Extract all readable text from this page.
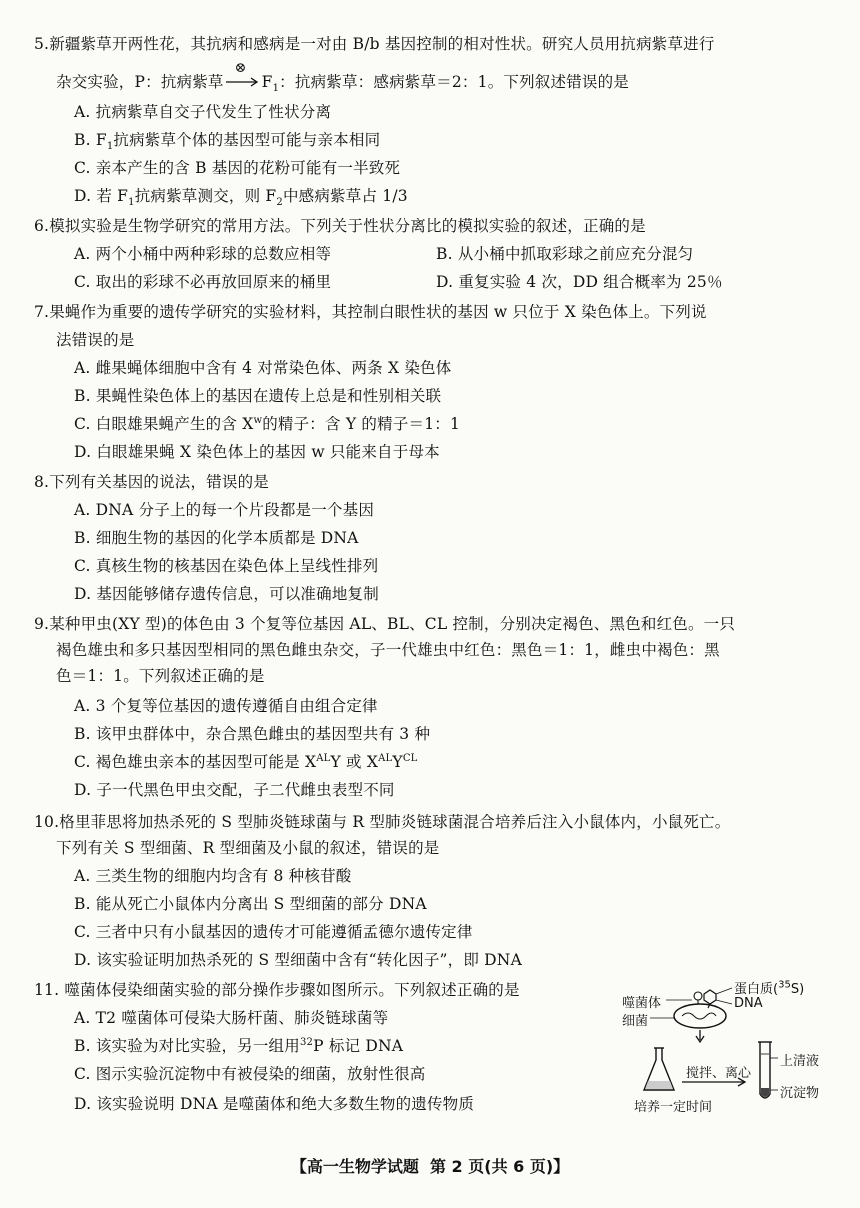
5.新疆紫草开两性花，其抗病和感病是一对由 B/b 基因控制的相对性状。研究人员用抗病紫草进行
杂交实验，P：抗病紫草
⊗
$F_1$：抗病紫草：感病紫草＝2：1。下列叙述错误的是
A. 抗病紫草自交子代发生了性状分离
B. $F_1$抗病紫草个体的基因型可能与亲本相同
C. 亲本产生的含 B 基因的花粉可能有一半致死
D. 若 $F_1$抗病紫草测交，则 $F_2$中感病紫草占 1/3
6.模拟实验是生物学研究的常用方法。下列关于性状分离比的模拟实验的叙述，正确的是
A. 两个小桶中两种彩球的总数应相等	B. 从小桶中抓取彩球之前应充分混匀
C. 取出的彩球不必再放回原来的桶里	D. 重复实验 4 次，DD 组合概率为 25％
7.果蝇作为重要的遗传学研究的实验材料，其控制白眼性状的基因 w 只位于 X 染色体上。下列说
法错误的是
A. 雌果蝇体细胞中含有 4 对常染色体、两条 X 染色体
B. 果蝇性染色体上的基因在遗传上总是和性别相关联
C. 白眼雄果蝇产生的含 $X^w$的精子：含 Y 的精子＝1：1
D. 白眼雄果蝇 X 染色体上的基因 w 只能来自于母本
8.下列有关基因的说法，错误的是
A. DNA 分子上的每一个片段都是一个基因
B. 细胞生物的基因的化学本质都是 DNA
C. 真核生物的核基因在染色体上呈线性排列
D. 基因能够储存遗传信息，可以准确地复制
9.某种甲虫(XY 型)的体色由 3 个复等位基因 AL、BL、CL 控制，分别决定褐色、黑色和红色。一只
褐色雄虫和多只基因型相同的黑色雌虫杂交，子一代雄虫中红色：黑色＝1：1，雌虫中褐色：黑
色＝1：1。下列叙述正确的是
A. 3 个复等位基因的遗传遵循自由组合定律
B. 该甲虫群体中，杂合黑色雌虫的基因型共有 3 种
C. 褐色雄虫亲本的基因型可能是 $X^{AL}Y$ 或 $X^{AL}Y^{CL}$
D. 子一代黑色甲虫交配，子二代雌虫表型不同
10.格里菲思将加热杀死的 S 型肺炎链球菌与 R 型肺炎链球菌混合培养后注入小鼠体内，小鼠死亡。
下列有关 S 型细菌、R 型细菌及小鼠的叙述，错误的是
A. 三类生物的细胞内均含有 8 种核苷酸
B. 能从死亡小鼠体内分离出 S 型细菌的部分 DNA
C. 三者中只有小鼠基因的遗传才可能遵循孟德尔遗传定律
D. 该实验证明加热杀死的 S 型细菌中含有“转化因子”，即 DNA
11. 噬菌体侵染细菌实验的部分操作步骤如图所示。下列叙述正确的是
A. T2 噬菌体可侵染大肠杆菌、肺炎链球菌等
B. 该实验为对比实验，另一组用$^{32}$P 标记 DNA
C. 图示实验沉淀物中有被侵染的细菌，放射性很高
D. 该实验说明 DNA 是噬菌体和绝大多数生物的遗传物质
噬菌体
细菌
蛋白质($^{35}$S)
DNA
搅拌、离心
培养一定时间
上清液
沉淀物
【高一生物学试题 第 2 页(共 6 页)】
